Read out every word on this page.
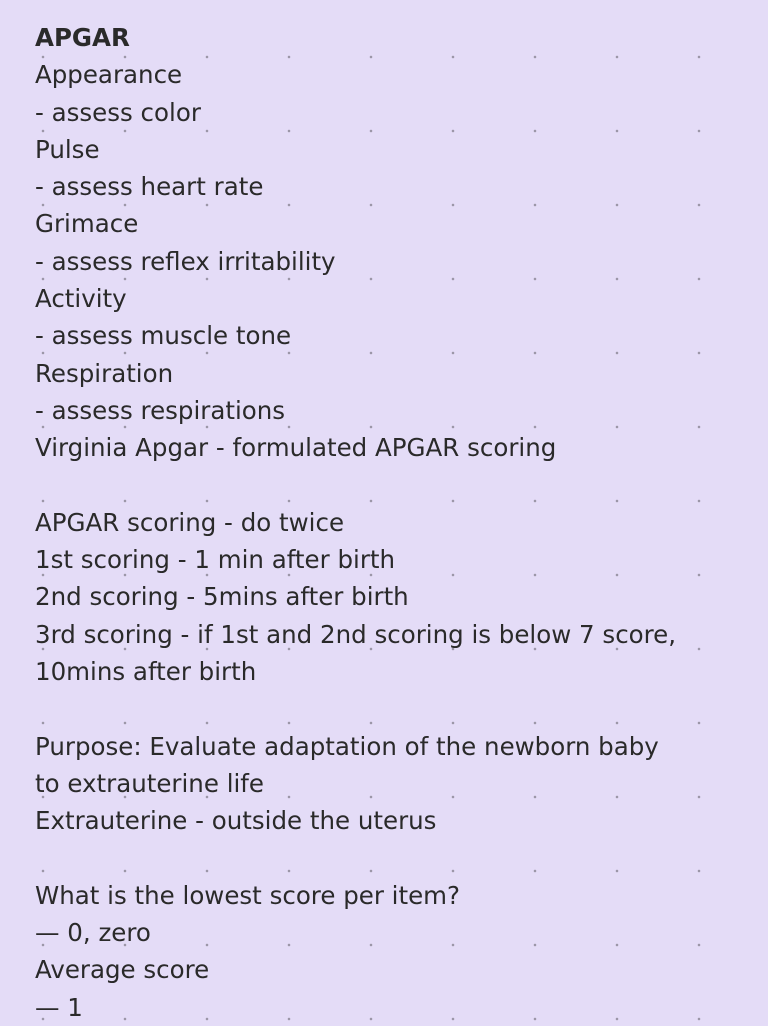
APGAR
Appearance
- assess color
Pulse
- assess heart rate
Grimace
- assess reflex irritability
Activity
- assess muscle tone
Respiration
- assess respirations
Virginia Apgar - formulated APGAR scoring
APGAR scoring - do twice
1st scoring - 1 min after birth
2nd scoring - 5mins after birth
3rd scoring - if 1st and 2nd scoring is below 7 score,
10mins after birth
Purpose: Evaluate adaptation of the newborn baby
to extrauterine life
Extrauterine - outside the uterus
What is the lowest score per item?
— 0, zero
Average score
— 1
